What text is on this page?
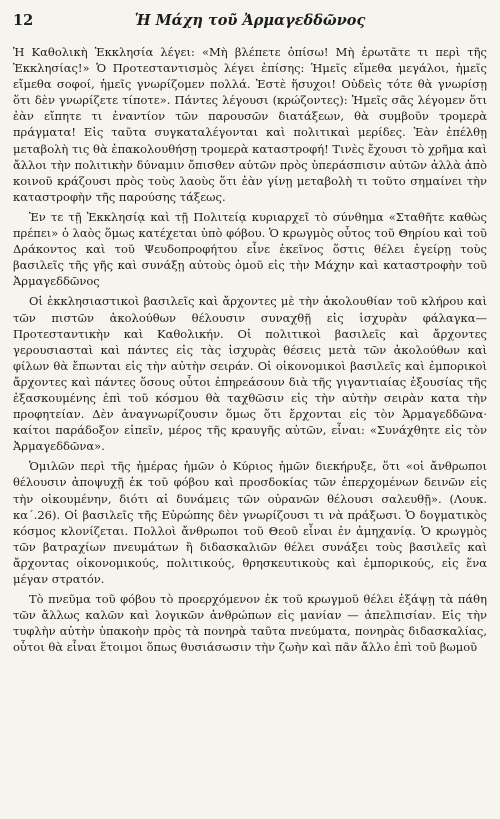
12	Ἡ Μάχη τοῦ Ἀρμαγεδδῶνος

Ἡ Καθολικὴ Ἐκκλησία λέγει: «Μὴ βλέπετε ὀπίσω! Μὴ ἐρωτᾶτε τι περὶ τῆς Ἐκκλησίας!» Ὁ Προτεσταντισμὸς λέγει ἐπίσης: Ἡμεῖς εἴμεθα μεγάλοι, ἡμεῖς εἴμεθα σοφοί, ἡμεῖς γνωρίζομεν πολλά. Ἐστὲ ἥσυχοι! Οὐδεὶς τότε θὰ γνωρίσῃ ὅτι δὲν γνωρίζετε τίποτε». Πάντες λέγουσι (κρώζοντες): Ἡμεῖς σᾶς λέγομεν ὅτι ἐὰν εἴπητε τι ἐναντίον τῶν παρουσῶν διατάξεων, θὰ συμβοῦν τρομερὰ πράγματα! Εἰς ταῦτα συγκαταλέγονται καὶ πολιτικαὶ μερίδες. Ἐὰν ἐπέλθῃ μεταβολὴ τις θὰ ἐπακολουθήσῃ τρομερὰ καταστροφή! Τινὲς ἔχουσι τὸ χρῆμα καὶ ἄλλοι τὴν πολιτικὴν δύναμιν ὄπισθεν αὐτῶν πρὸς ὑπεράσπισιν αὐτῶν ἀλλὰ ἀπὸ κοινοῦ κράζουσι πρὸς τοὺς λαοὺς ὅτι ἐὰν γίνῃ μεταβολὴ τι τοῦτο σημαίνει τὴν καταστροφὴν τῆς παρούσης τάξεως.

Ἐν τε τῇ Ἐκκλησίᾳ καὶ τῇ Πολιτείᾳ κυριαρχεῖ τὸ σύνθημα «Σταθῆτε καθὼς πρέπει» ὁ λαὸς ὅμως κατέχεται ὑπὸ φόβου. Ὁ κρωγμὸς οὗτος τοῦ Θηρίου καὶ τοῦ Δράκοντος καὶ τοῦ Ψευδοπροφήτου εἶνε ἐκεῖνος ὅστις θέλει ἐγείρῃ τοὺς βασιλεῖς τῆς γῆς καὶ συνάξῃ αὐτοὺς ὁμοῦ εἰς τὴν Μάχην καὶ καταστροφὴν τοῦ Ἀρμαγεδδῶνος

Οἱ ἐκκλησιαστικοὶ βασιλεῖς καὶ ἄρχοντες μὲ τὴν ἀκολουθίαν τοῦ κλήρου καὶ τῶν πιστῶν ἀκολούθων θέλουσιν συναχθῇ εἰς ἰσχυρὰν φάλαγκα—Προτεσταντικὴν καὶ Καθολικήν. Οἱ πολιτικοὶ βασιλεῖς καὶ ἄρχοντες γερουσιασταὶ καὶ πάντες εἰς τὰς ἰσχυρὰς θέσεις μετὰ τῶν ἀκολούθων καὶ φίλων θὰ ἔπωνται εἰς τὴν αὐτὴν σειράν. Οἱ οἰκονομικοὶ βασιλεῖς καὶ ἐμπορικοὶ ἄρχοντες καὶ πάντες ὅσους οὗτοι ἐπηρεάσουν διὰ τῆς γιγαντιαίας ἐξουσίας τῆς ἐξασκουμένης ἐπὶ τοῦ κόσμου θὰ ταχθῶσιν εἰς τὴν αὐτὴν σειρὰν κατα τὴν προφητείαν. Δὲν ἀναγνωρίζουσιν ὅμως ὅτι ἔρχονται εἰς τὸν Ἀρμαγεδδῶνα· καίτοι παράδοξον εἰπεῖν, μέρος τῆς κραυγῆς αὐτῶν, εἶναι: «Συνάχθητε εἰς τὸν Ἀρμαγεδδῶνα».

Ὁμιλῶν περὶ τῆς ἡμέρας ἡμῶν ὁ Κύριος ἡμῶν διεκήρυξε, ὅτι «οἱ ἄνθρωποι θέλουσιν ἀποψυχῇ ἐκ τοῦ φόβου καὶ προσδοκίας τῶν ἐπερχομένων δεινῶν εἰς τὴν οἰκουμένην, διότι αἱ δυνάμεις τῶν οὐρανῶν θέλουσι σαλευθῇ». (Λουκ. κα΄.26). Οἱ βασιλεῖς τῆς Εὐρώπης δὲν γνωρίζουσι τι νὰ πράξωσι. Ὁ δογματικὸς κόσμος κλονίζεται. Πολλοὶ ἄνθρωποι τοῦ Θεοῦ εἶναι ἐν ἀμηχανίᾳ. Ὁ κρωγμὸς τῶν βατραχίων πνευμάτων ἢ διδασκαλιῶν θέλει συνάξει τοὺς βασιλεῖς καὶ ἄρχοντας οἰκονομικούς, πολιτικούς, θρησκευτικοὺς καὶ ἐμπορικούς, εἰς ἕνα μέγαν στρατόν.

Τὸ πνεῦμα τοῦ φόβου τὸ προερχόμενον ἐκ τοῦ κρωγμοῦ θέλει ἐξάψῃ τὰ πάθη τῶν ἄλλως καλῶν καὶ λογικῶν ἀνθρώπων εἰς μανίαν — ἀπελπισίαν. Εἰς τὴν τυφλὴν αὐτὴν ὑπακοὴν πρὸς τὰ πονηρὰ ταῦτα πνεύματα, πονηρὰς διδασκαλίας, οὗτοι θὰ εἶναι ἕτοιμοι ὅπως θυσιάσωσιν τὴν ζωὴν καὶ πᾶν ἄλλο ἐπὶ τοῦ βωμοῦ
